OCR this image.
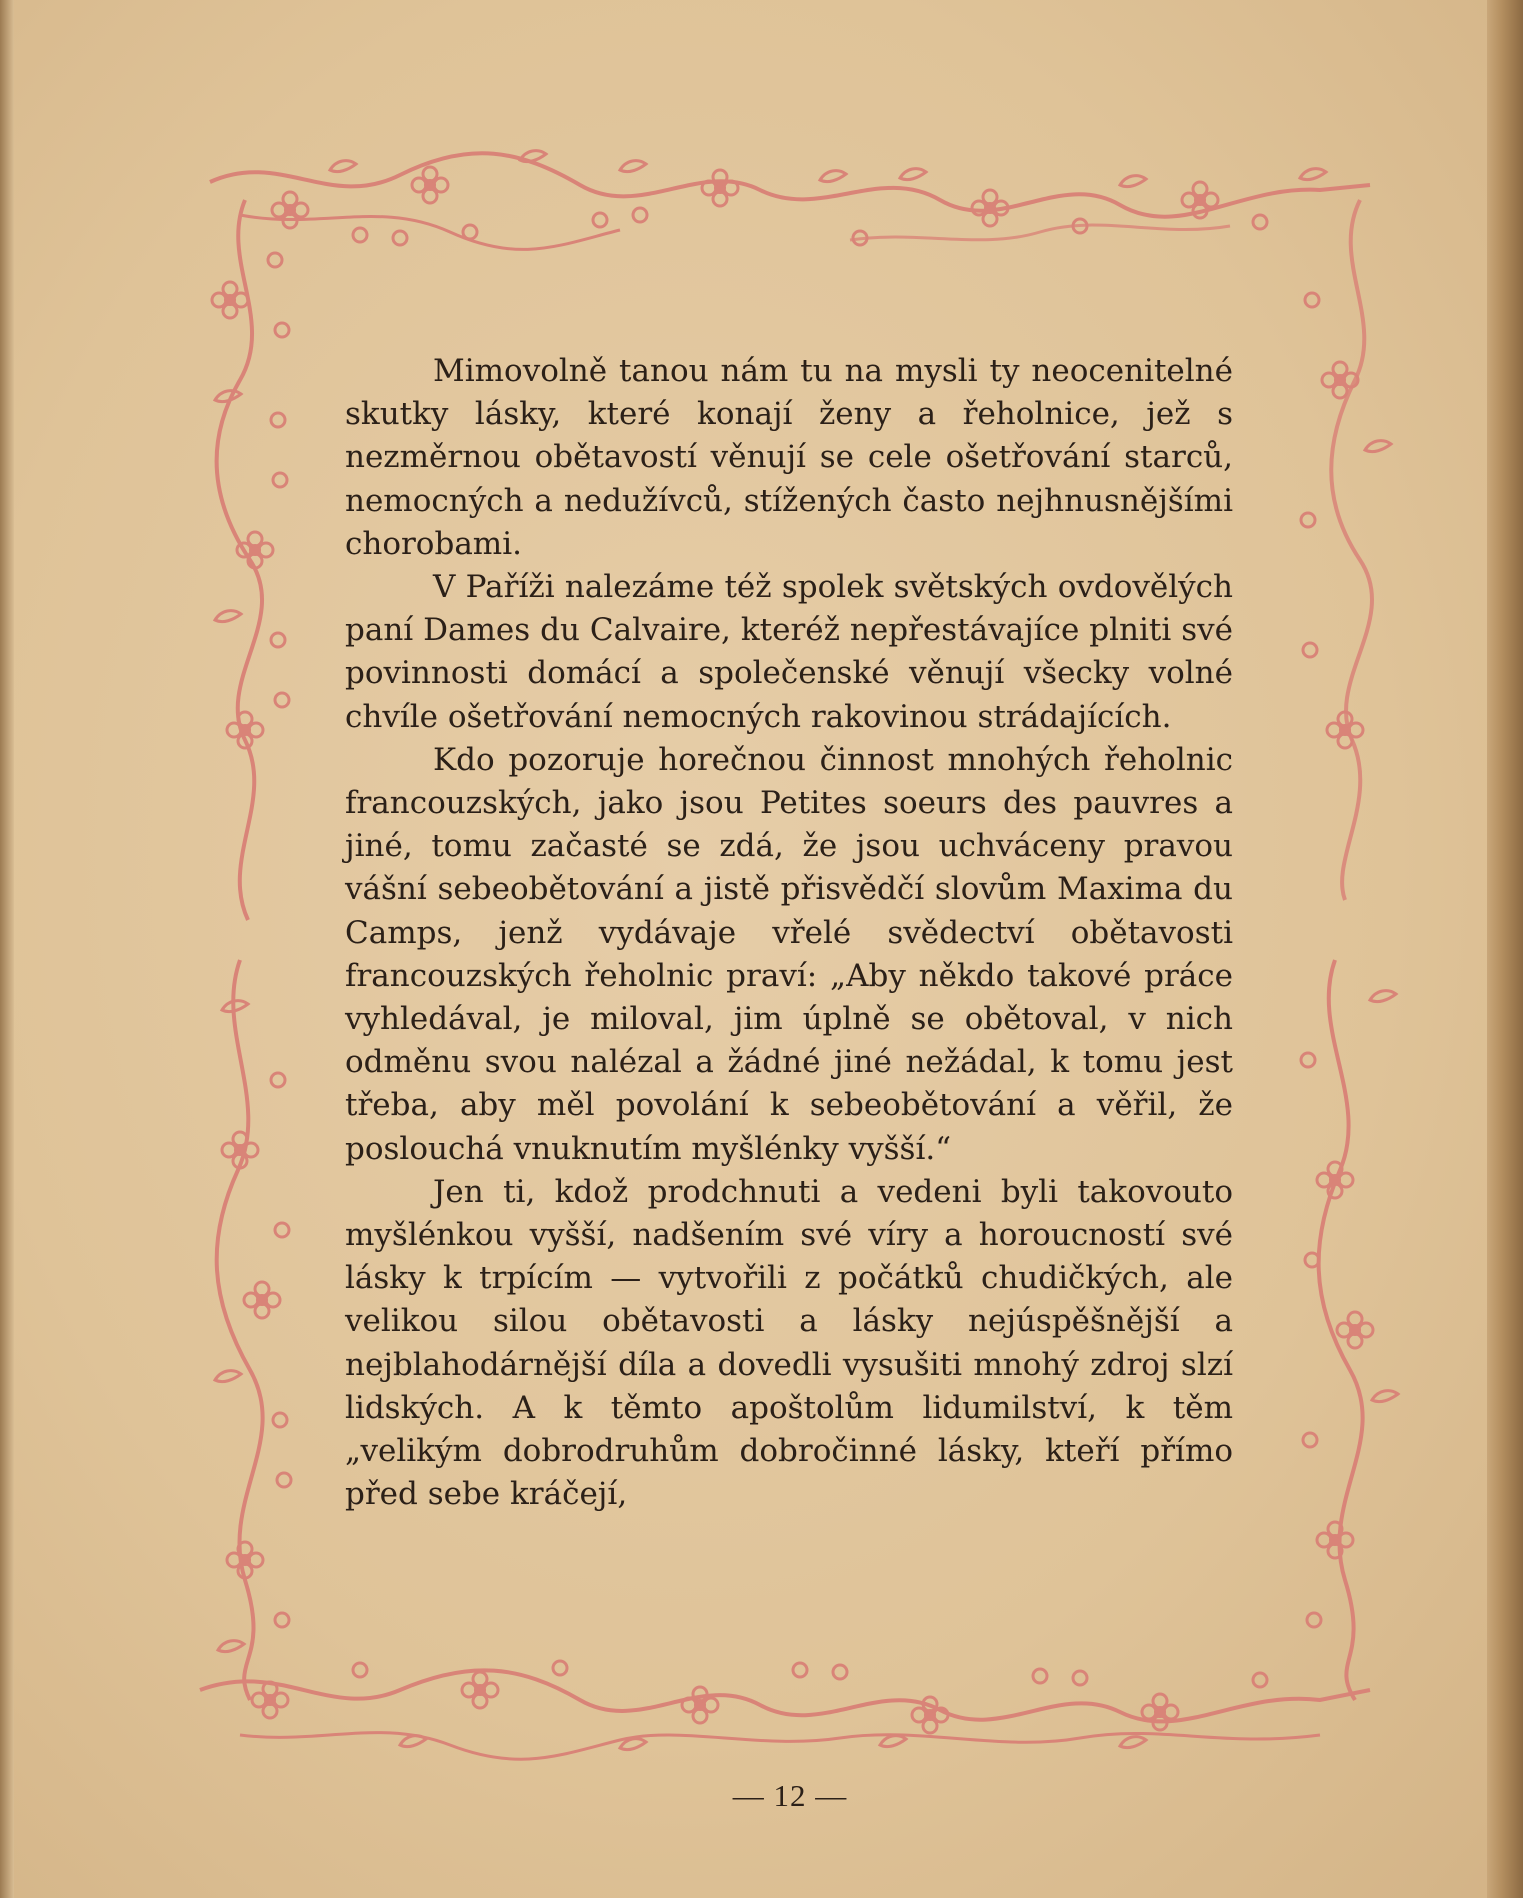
Mimovolně tanou nám tu na mysli ty neocenitelné skutky lásky, které konají ženy a řeholnice, jež s nezměrnou obětavostí věnují se cele ošetřování starců, nemocných a nedužívců, stížených často nejhnusnějšími chorobami.

V Paříži nalezáme též spolek světských ovdovělých paní Dames du Calvaire, kteréž nepřestávajíce plniti své povinnosti domácí a společenské věnují všecky volné chvíle ošetřování nemocných rakovinou strádajících.

Kdo pozoruje horečnou činnost mnohých řeholnic francouzských, jako jsou Petites soeurs des pauvres a jiné, tomu začasté se zdá, že jsou uchváceny pravou vášní sebeobětování a jistě přisvědčí slovům Maxima du Camps, jenž vydávaje vřelé svědectví obětavosti francouzských řeholnic praví: „Aby někdo takové práce vyhledával, je miloval, jim úplně se obětoval, v nich odměnu svou nalézal a žádné jiné nežádal, k tomu jest třeba, aby měl povolání k sebeobětování a věřil, že poslouchá vnuknutím myšlénky vyšší.“

Jen ti, kdož prodchnuti a vedeni byli takovouto myšlénkou vyšší, nadšením své víry a horoucností své lásky k trpícím — vytvořili z počátků chudičkých, ale velikou silou obětavosti a lásky nejúspěšnější a nejblahodárnější díla a dovedli vysušiti mnohý zdroj slzí lidských. A k těmto apoštolům lidumilství, k těm „velikým dobrodruhům dobročinné lásky, kteří přímo před sebe kráčejí,

— 12 —
